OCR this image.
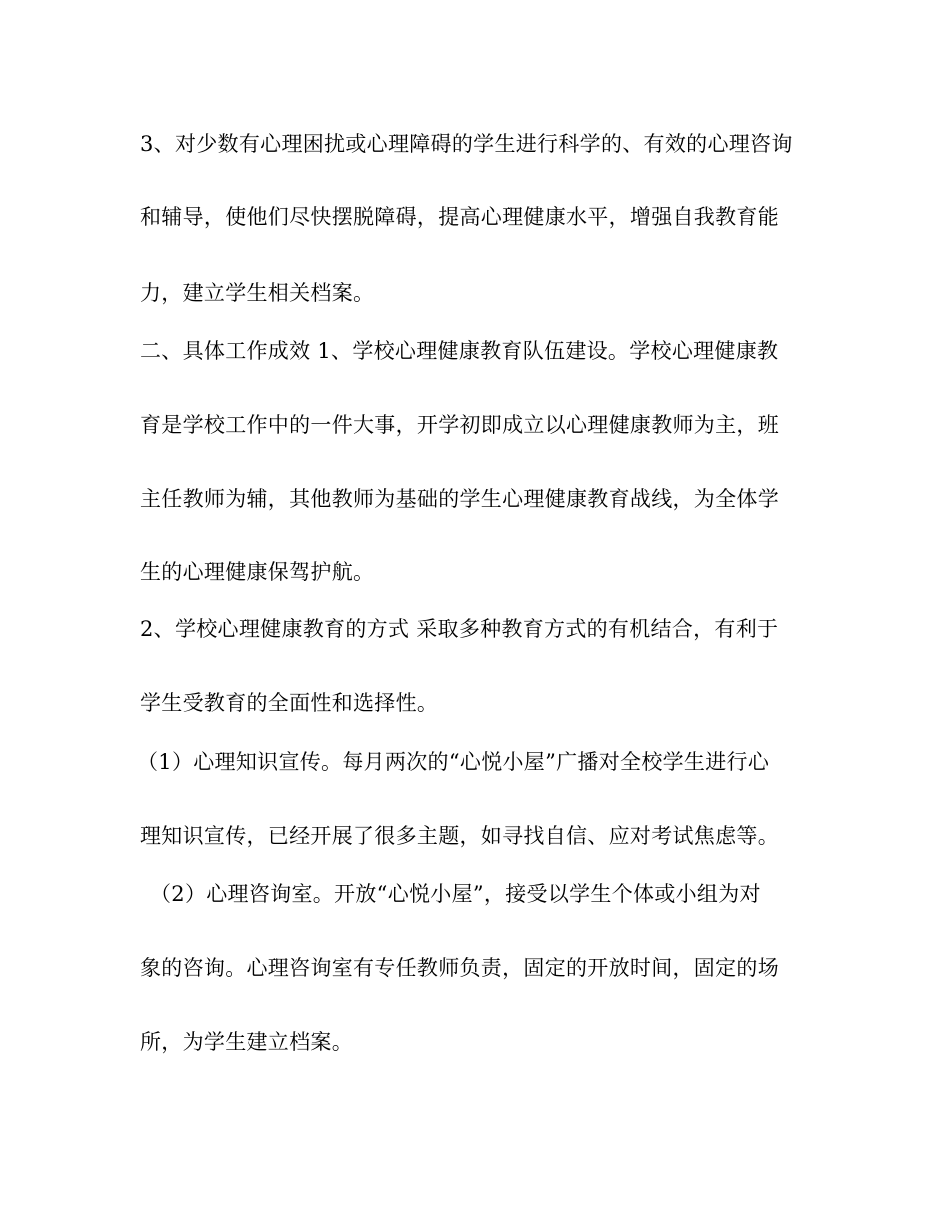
3、对少数有心理困扰或心理障碍的学生进行科学的、有效的心理咨询
和辅导，使他们尽快摆脱障碍，提高心理健康水平，增强自我教育能
力，建立学生相关档案。
二、具体工作成效 1、学校心理健康教育队伍建设。学校心理健康教
育是学校工作中的一件大事，开学初即成立以心理健康教师为主，班
主任教师为辅，其他教师为基础的学生心理健康教育战线，为全体学
生的心理健康保驾护航。
2、学校心理健康教育的方式 采取多种教育方式的有机结合，有利于
学生受教育的全面性和选择性。
（1）心理知识宣传。每月两次的“心悦小屋”广播对全校学生进行心
理知识宣传，已经开展了很多主题，如寻找自信、应对考试焦虑等。
（2）心理咨询室。开放“心悦小屋”，接受以学生个体或小组为对
象的咨询。心理咨询室有专任教师负责，固定的开放时间，固定的场
所，为学生建立档案。
